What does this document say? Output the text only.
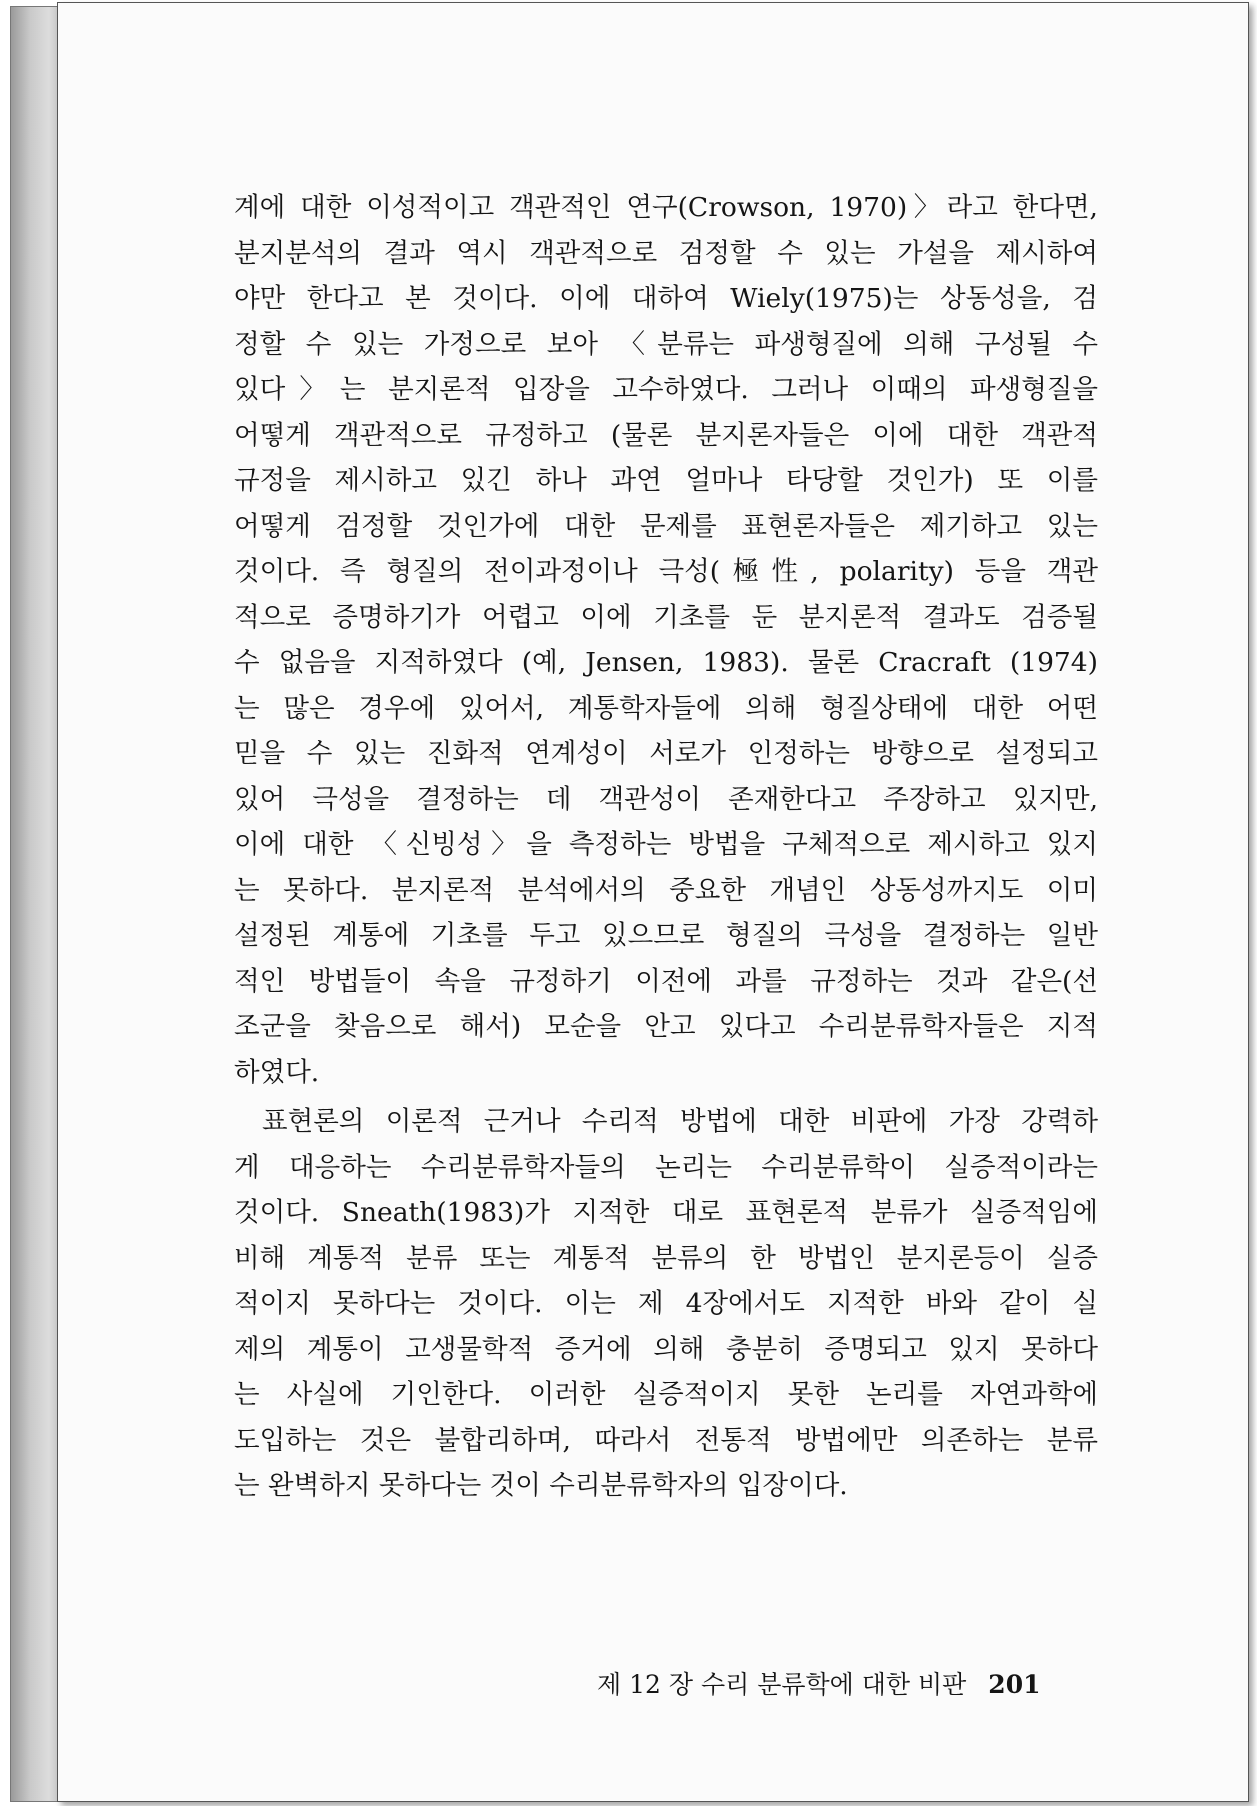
계에 대한 이성적이고 객관적인 연구(Crowson, 1970)〉라고 한다면,
분지분석의 결과 역시 객관적으로 검정할 수 있는 가설을 제시하여
야만 한다고 본 것이다. 이에 대하여 Wiely(1975)는 상동성을, 검
정할 수 있는 가정으로 보아 〈분류는 파생형질에 의해 구성될 수
있다〉는 분지론적 입장을 고수하였다. 그러나 이때의 파생형질을
어떻게 객관적으로 규정하고 (물론 분지론자들은 이에 대한 객관적
규정을 제시하고 있긴 하나 과연 얼마나 타당할 것인가) 또 이를
어떻게 검정할 것인가에 대한 문제를 표현론자들은 제기하고 있는
것이다. 즉 형질의 전이과정이나 극성(極性, polarity) 등을 객관
적으로 증명하기가 어렵고 이에 기초를 둔 분지론적 결과도 검증될
수 없음을 지적하였다 (예, Jensen, 1983). 물론 Cracraft (1974)
는 많은 경우에 있어서, 계통학자들에 의해 형질상태에 대한 어떤
믿을 수 있는 진화적 연계성이 서로가 인정하는 방향으로 설정되고
있어 극성을 결정하는 데 객관성이 존재한다고 주장하고 있지만,
이에 대한 〈신빙성〉을 측정하는 방법을 구체적으로 제시하고 있지
는 못하다. 분지론적 분석에서의 중요한 개념인 상동성까지도 이미
설정된 계통에 기초를 두고 있으므로 형질의 극성을 결정하는 일반
적인 방법들이 속을 규정하기 이전에 과를 규정하는 것과 같은(선
조군을 찾음으로 해서) 모순을 안고 있다고 수리분류학자들은 지적
하였다.
표현론의 이론적 근거나 수리적 방법에 대한 비판에 가장 강력하
게 대응하는 수리분류학자들의 논리는 수리분류학이 실증적이라는
것이다. Sneath(1983)가 지적한 대로 표현론적 분류가 실증적임에
비해 계통적 분류 또는 계통적 분류의 한 방법인 분지론등이 실증
적이지 못하다는 것이다. 이는 제 4장에서도 지적한 바와 같이 실
제의 계통이 고생물학적 증거에 의해 충분히 증명되고 있지 못하다
는 사실에 기인한다. 이러한 실증적이지 못한 논리를 자연과학에
도입하는 것은 불합리하며, 따라서 전통적 방법에만 의존하는 분류
는 완벽하지 못하다는 것이 수리분류학자의 입장이다.
제 12 장 수리 분류학에 대한 비판 201
